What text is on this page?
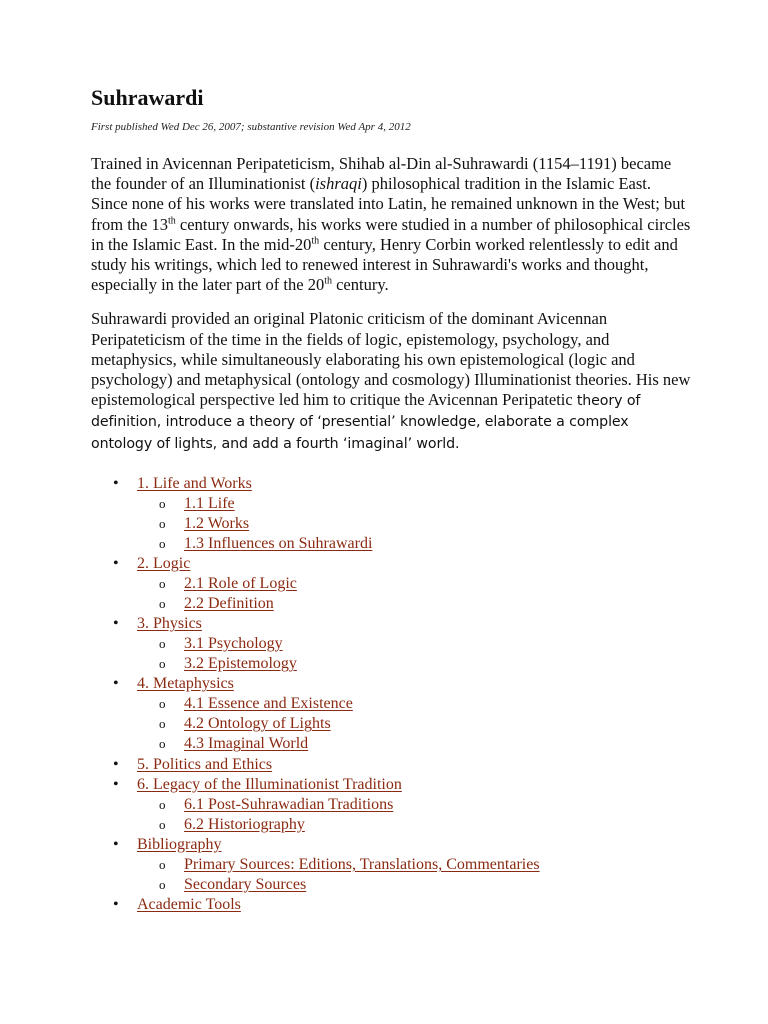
Suhrawardi
First published Wed Dec 26, 2007; substantive revision Wed Apr 4, 2012
Trained in Avicennan Peripateticism, Shihab al-Din al-Suhrawardi (1154–1191) became the founder of an Illuminationist (ishraqi) philosophical tradition in the Islamic East. Since none of his works were translated into Latin, he remained unknown in the West; but from the 13th century onwards, his works were studied in a number of philosophical circles in the Islamic East. In the mid-20th century, Henry Corbin worked relentlessly to edit and study his writings, which led to renewed interest in Suhrawardi's works and thought, especially in the later part of the 20th century.
Suhrawardi provided an original Platonic criticism of the dominant Avicennan Peripateticism of the time in the fields of logic, epistemology, psychology, and metaphysics, while simultaneously elaborating his own epistemological (logic and psychology) and metaphysical (ontology and cosmology) Illuminationist theories. His new epistemological perspective led him to critique the Avicennan Peripatetic theory of definition, introduce a theory of ‘presential’ knowledge, elaborate a complex ontology of lights, and add a fourth ‘imaginal’ world.
• 1. Life and Works
o 1.1 Life
o 1.2 Works
o 1.3 Influences on Suhrawardi
• 2. Logic
o 2.1 Role of Logic
o 2.2 Definition
• 3. Physics
o 3.1 Psychology
o 3.2 Epistemology
• 4. Metaphysics
o 4.1 Essence and Existence
o 4.2 Ontology of Lights
o 4.3 Imaginal World
• 5. Politics and Ethics
• 6. Legacy of the Illuminationist Tradition
o 6.1 Post-Suhrawadian Traditions
o 6.2 Historiography
• Bibliography
o Primary Sources: Editions, Translations, Commentaries
o Secondary Sources
• Academic Tools
